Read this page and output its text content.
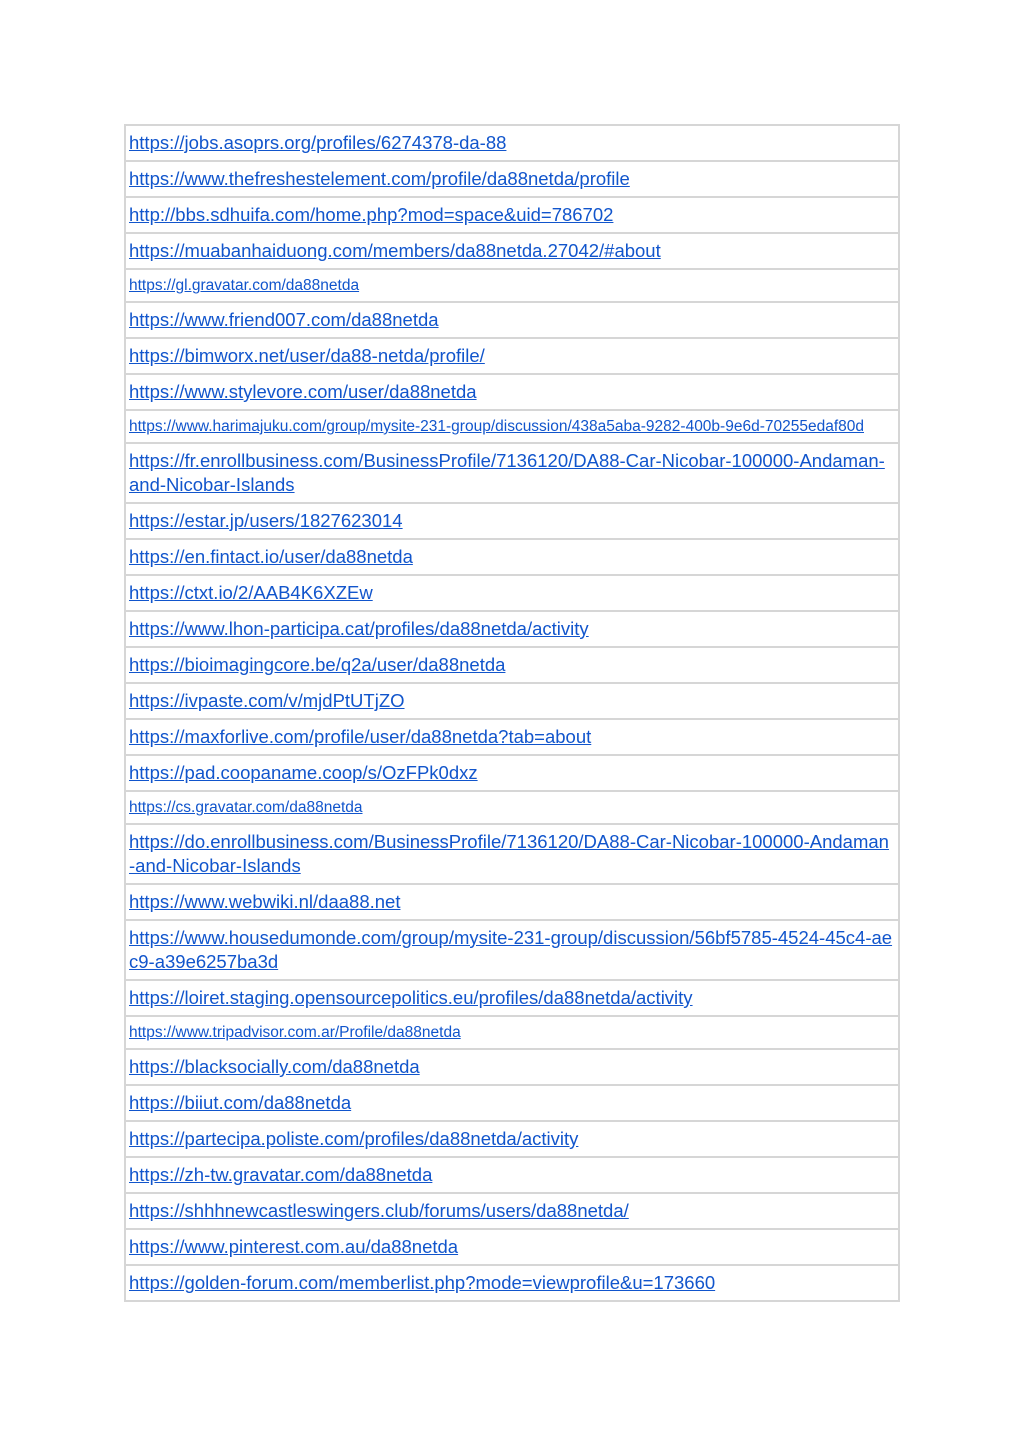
https://jobs.asoprs.org/profiles/6274378-da-88
https://www.thefreshestelement.com/profile/da88netda/profile
http://bbs.sdhuifa.com/home.php?mod=space&uid=786702
https://muabanhaiduong.com/members/da88netda.27042/#about
https://gl.gravatar.com/da88netda
https://www.friend007.com/da88netda
https://bimworx.net/user/da88-netda/profile/
https://www.stylevore.com/user/da88netda
https://www.harimajuku.com/group/mysite-231-group/discussion/438a5aba-9282-400b-9e6d-70255edaf80d
https://fr.enrollbusiness.com/BusinessProfile/7136120/DA88-Car-Nicobar-100000-Andaman-and-Nicobar-Islands
https://estar.jp/users/1827623014
https://en.fintact.io/user/da88netda
https://ctxt.io/2/AAB4K6XZEw
https://www.lhon-participa.cat/profiles/da88netda/activity
https://bioimagingcore.be/q2a/user/da88netda
https://ivpaste.com/v/mjdPtUTjZO
https://maxforlive.com/profile/user/da88netda?tab=about
https://pad.coopaname.coop/s/OzFPk0dxz
https://cs.gravatar.com/da88netda
https://do.enrollbusiness.com/BusinessProfile/7136120/DA88-Car-Nicobar-100000-Andaman-and-Nicobar-Islands
https://www.webwiki.nl/daa88.net
https://www.housedumonde.com/group/mysite-231-group/discussion/56bf5785-4524-45c4-aec9-a39e6257ba3d
https://loiret.staging.opensourcepolitics.eu/profiles/da88netda/activity
https://www.tripadvisor.com.ar/Profile/da88netda
https://blacksocially.com/da88netda
https://biiut.com/da88netda
https://partecipa.poliste.com/profiles/da88netda/activity
https://zh-tw.gravatar.com/da88netda
https://shhhnewcastleswingers.club/forums/users/da88netda/
https://www.pinterest.com.au/da88netda
https://golden-forum.com/memberlist.php?mode=viewprofile&u=173660
